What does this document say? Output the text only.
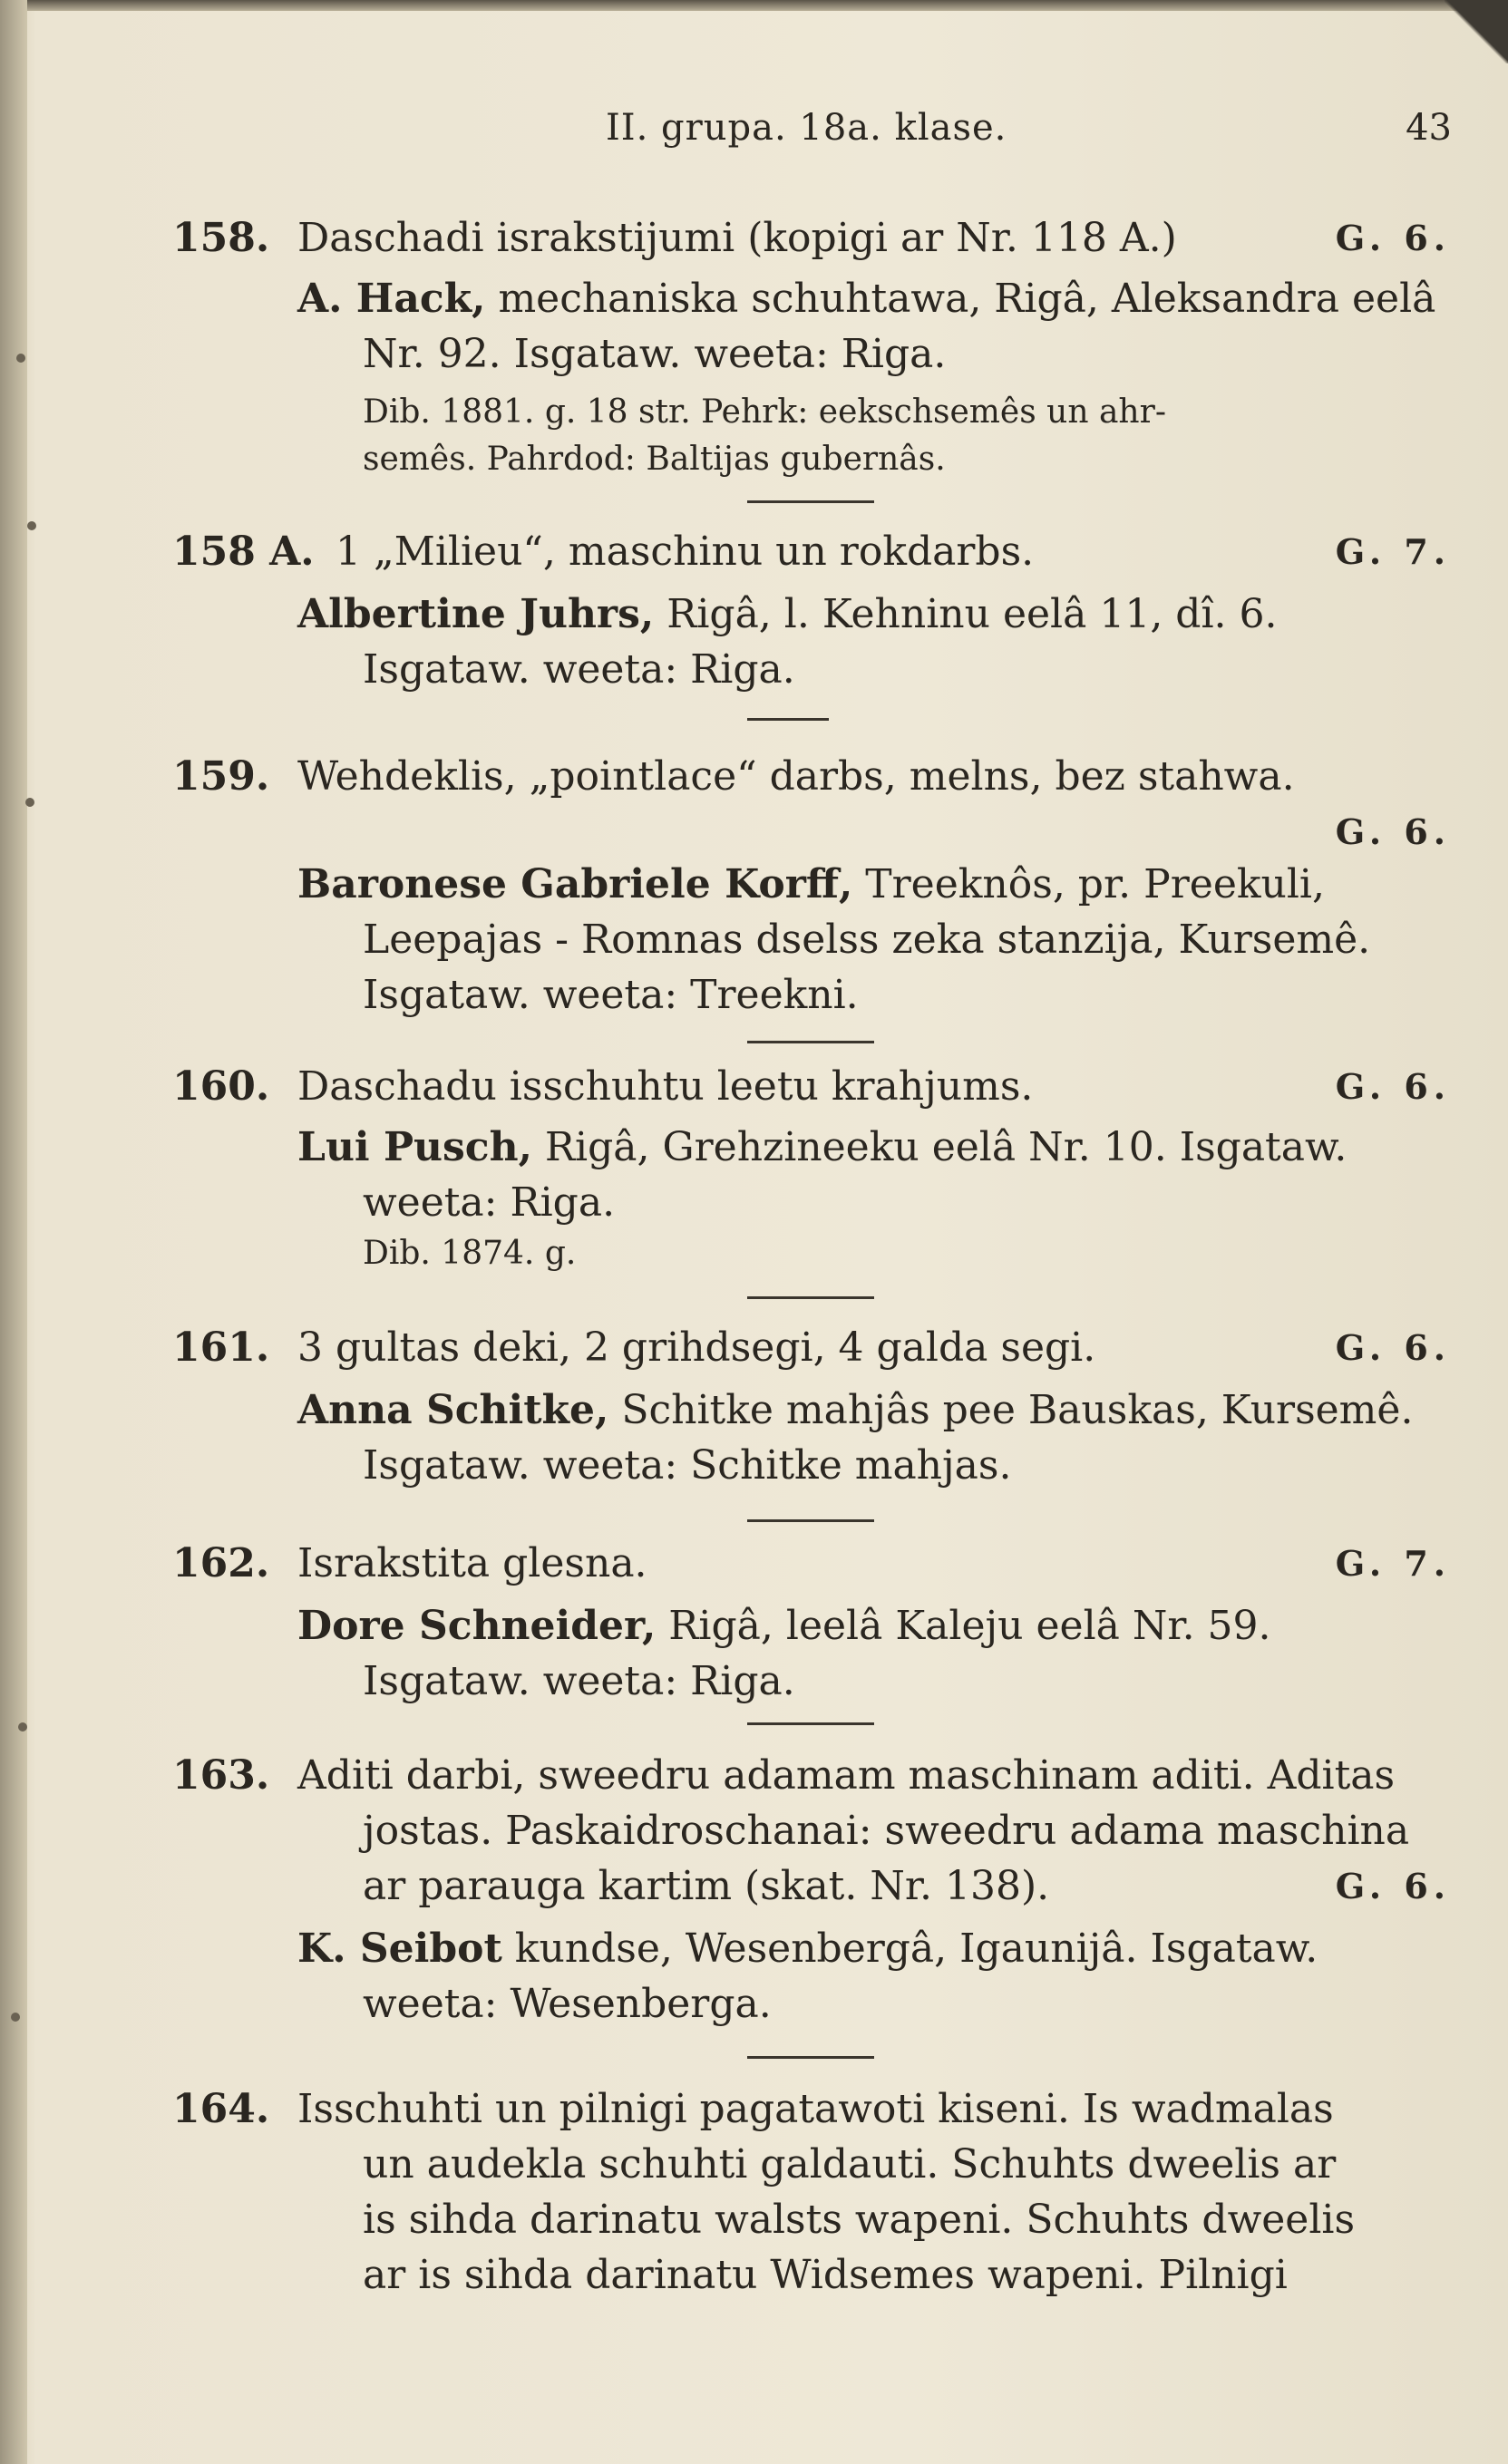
II. grupa. 18a. klase.	43
158. Daschadi israkstijumi (kopigi ar Nr. 118 A.)	G. 6.
A. Hack, mechaniska schuhtawa, Rigâ, Aleksandra eelâ
Nr. 92. Isgataw. weeta: Riga.
Dib. 1881. g. 18 str. Pehrk: eekschsemês un ahr-
semês. Pahrdod: Baltijas gubernâs.
158 A. 1 „Milieu“, maschinu un rokdarbs.	G. 7.
Albertine Juhrs, Rigâ, l. Kehninu eelâ 11, dî. 6.
Isgataw. weeta: Riga.
159. Wehdeklis, „pointlace“ darbs, melns, bez stahwa.
G. 6.
Baronese Gabriele Korff, Treeknôs, pr. Preekuli,
Leepajas - Romnas dselss zeka stanzija, Kursemê.
Isgataw. weeta: Treekni.
160. Daschadu isschuhtu leetu krahjums.	G. 6.
Lui Pusch, Rigâ, Grehzineeku eelâ Nr. 10. Isgataw.
weeta: Riga.
Dib. 1874. g.
161. 3 gultas deki, 2 grihdsegi, 4 galda segi.	G. 6.
Anna Schitke, Schitke mahjâs pee Bauskas, Kursemê.
Isgataw. weeta: Schitke mahjas.
162. Israkstita glesna.	G. 7.
Dore Schneider, Rigâ, leelâ Kaleju eelâ Nr. 59.
Isgataw. weeta: Riga.
163. Aditi darbi, sweedru adamam maschinam aditi. Aditas
jostas. Paskaidroschanai: sweedru adama maschina
ar parauga kartim (skat. Nr. 138).	G. 6.
K. Seibot kundse, Wesenbergâ, Igaunijâ. Isgataw.
weeta: Wesenberga.
164. Isschuhti un pilnigi pagatawoti kiseni. Is wadmalas
un audekla schuhti galdauti. Schuhts dweelis ar
is sihda darinatu walsts wapeni. Schuhts dweelis
ar is sihda darinatu Widsemes wapeni. Pilnigi
